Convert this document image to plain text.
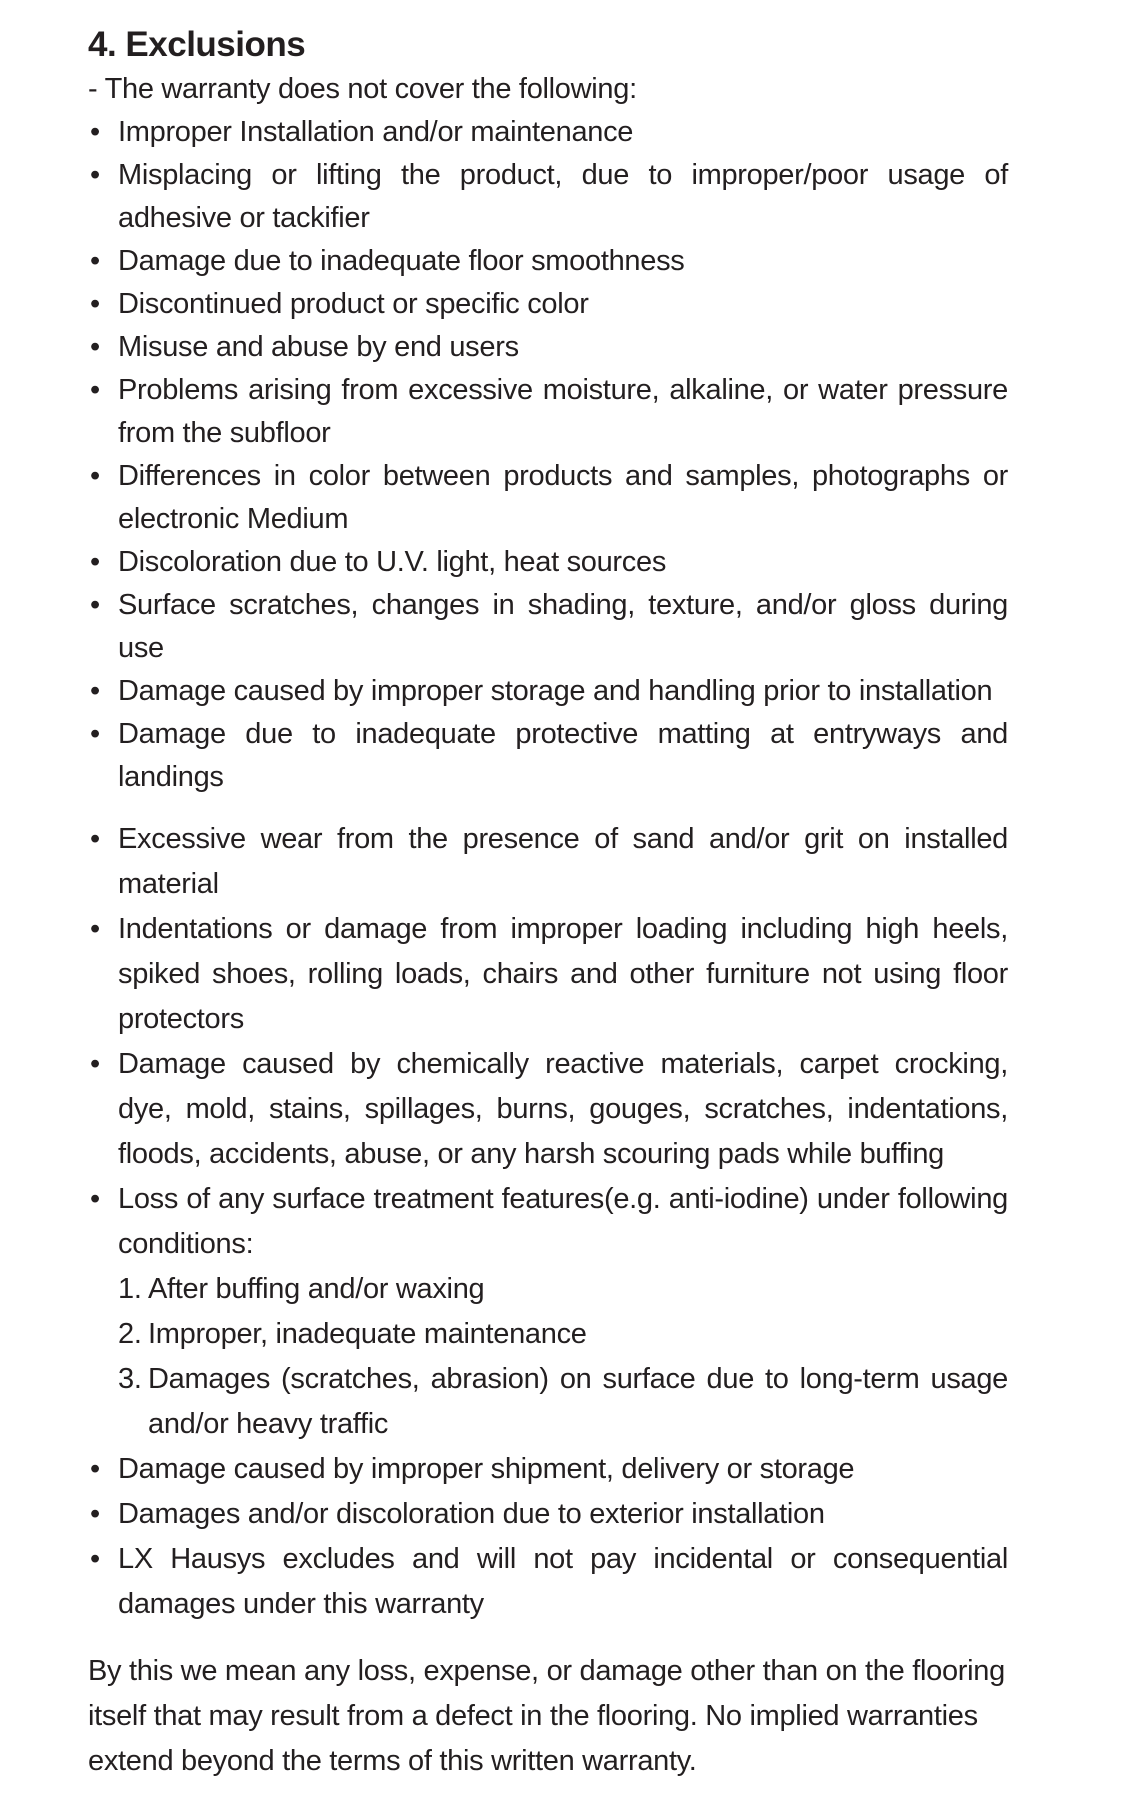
4. Exclusions

- The warranty does not cover the following:

• Improper Installation and/or maintenance
• Misplacing or lifting the product, due to improper/poor usage of adhesive or tackifier
• Damage due to inadequate floor smoothness
• Discontinued product or specific color
• Misuse and abuse by end users
• Problems arising from excessive moisture, alkaline, or water pressure from the subfloor
• Differences in color between products and samples, photographs or electronic Medium
• Discoloration due to U.V. light, heat sources
• Surface scratches, changes in shading, texture, and/or gloss during use
• Damage caused by improper storage and handling prior to installation
• Damage due to inadequate protective matting at entryways and landings
• Excessive wear from the presence of sand and/or grit on installed material
• Indentations or damage from improper loading including high heels, spiked shoes, rolling loads, chairs and other furniture not using floor protectors
• Damage caused by chemically reactive materials, carpet crocking, dye, mold, stains, spillages, burns, gouges, scratches, indentations, floods, accidents, abuse, or any harsh scouring pads while buffing
• Loss of any surface treatment features(e.g. anti-iodine) under following conditions:
1. After buffing and/or waxing
2. Improper, inadequate maintenance
3. Damages (scratches, abrasion) on surface due to long-term usage and/or heavy traffic
• Damage caused by improper shipment, delivery or storage
• Damages and/or discoloration due to exterior installation
• LX Hausys excludes and will not pay incidental or consequential damages under this warranty

By this we mean any loss, expense, or damage other than on the flooring itself that may result from a defect in the flooring. No implied warranties extend beyond the terms of this written warranty.
